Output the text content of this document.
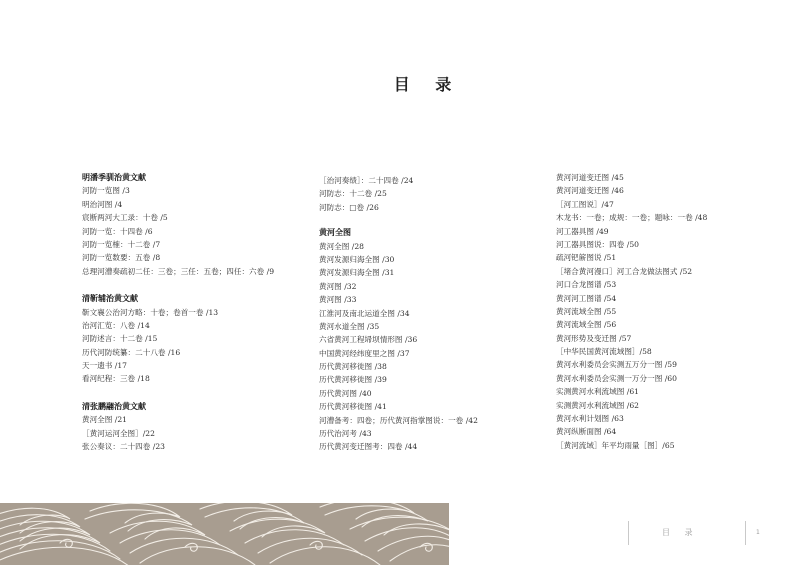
目 录
明潘季驯治黄文献
河防一览图 /3
明治河图 /4
宸断两河大工录：十卷 /5
河防一览：十四卷 /6
河防一览榷：十二卷 /7
河防一览数要：五卷 /8
总理河漕奏疏初二任：三卷；三任：五卷；四任：六卷 /9
清靳辅治黄文献
靳文襄公治河方略：十卷；卷首一卷 /13
治河汇览：八卷 /14
河防述言：十二卷 /15
历代河防统纂：二十八卷 /16
天一遗书 /17
看河纪程：三卷 /18
清张鹏翮治黄文献
黄河全图 /21
［黄河运河全图］/22
张公奏议：二十四卷 /23
［治河奏绩］：二十四卷 /24
河防志：十二卷 /25
河防志：□卷 /26
黄河全图
黄河全图 /28
黄河发源归海全图 /30
黄河发源归海全图 /31
黄河图 /32
黄河图 /33
江淮河及南北运道全图 /34
黄河水道全图 /35
六省黄河工程埽坝情形图 /36
中国黄河经纬度里之图 /37
历代黄河移徙图 /38
历代黄河移徙图 /39
历代黄河图 /40
历代黄河移徙图 /41
河漕备考：四卷；历代黄河指掌图说：一卷 /42
历代治河考 /43
历代黄河变迁图考：四卷 /44
黄河河道变迁图 /45
黄河河道变迁图 /46
［河工图说］/47
木龙书：一卷；成规：一卷；题咏：一卷 /48
河工器具图 /49
河工器具图说：四卷 /50
疏河钯簖图说 /51
［堵合黄河漫口］河工合龙做法图式 /52
河口合龙图谱 /53
黄河河工图谱 /54
黄河流域全图 /55
黄河流域全图 /56
黄河形势及变迁图 /57
［中华民国黄河流域图］/58
黄河水利委员会实测五万分一图 /59
黄河水利委员会实测一万分一图 /60
实测黄河水利流域图 /61
实测黄河水利流域图 /62
黄河水利计划图 /63
黄河纵断面图 /64
［黄河流域］年平均雨量［图］/65
目 录	1
